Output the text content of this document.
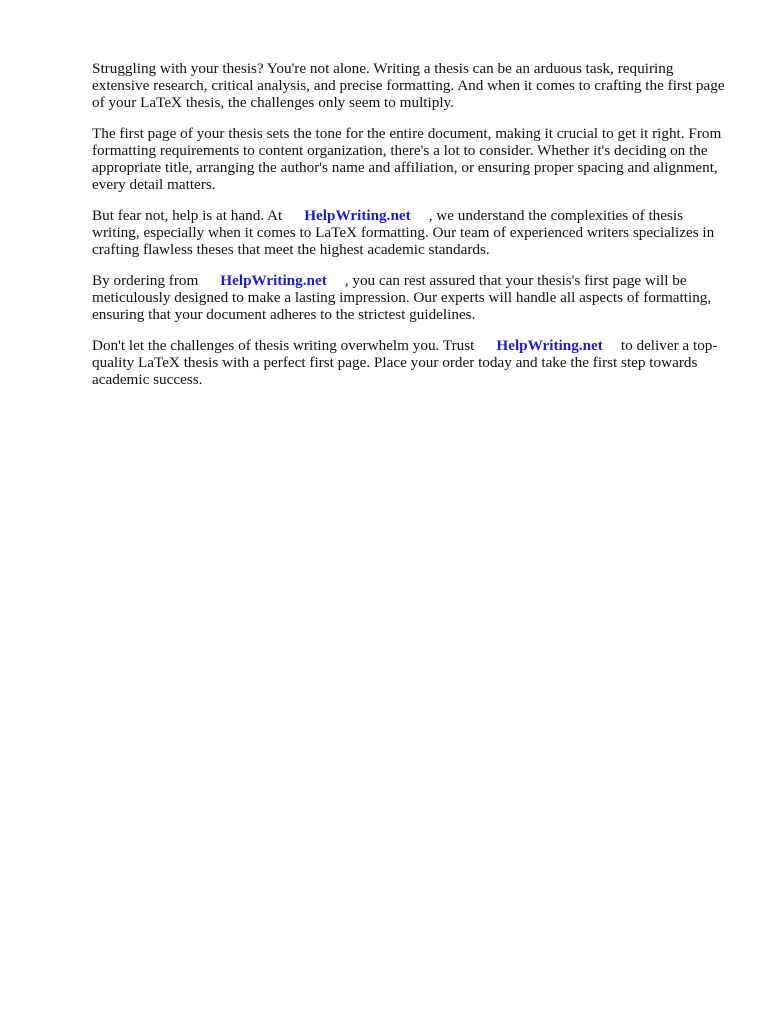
Struggling with your thesis? You're not alone. Writing a thesis can be an arduous task, requiring extensive research, critical analysis, and precise formatting. And when it comes to crafting the first page of your LaTeX thesis, the challenges only seem to multiply.

The first page of your thesis sets the tone for the entire document, making it crucial to get it right. From formatting requirements to content organization, there's a lot to consider. Whether it's deciding on the appropriate title, arranging the author's name and affiliation, or ensuring proper spacing and alignment, every detail matters.

But fear not, help is at hand. At HelpWriting.net , we understand the complexities of thesis writing, especially when it comes to LaTeX formatting. Our team of experienced writers specializes in crafting flawless theses that meet the highest academic standards.

By ordering from HelpWriting.net , you can rest assured that your thesis's first page will be meticulously designed to make a lasting impression. Our experts will handle all aspects of formatting, ensuring that your document adheres to the strictest guidelines.

Don't let the challenges of thesis writing overwhelm you. Trust HelpWriting.net to deliver a top-quality LaTeX thesis with a perfect first page. Place your order today and take the first step towards academic success.
